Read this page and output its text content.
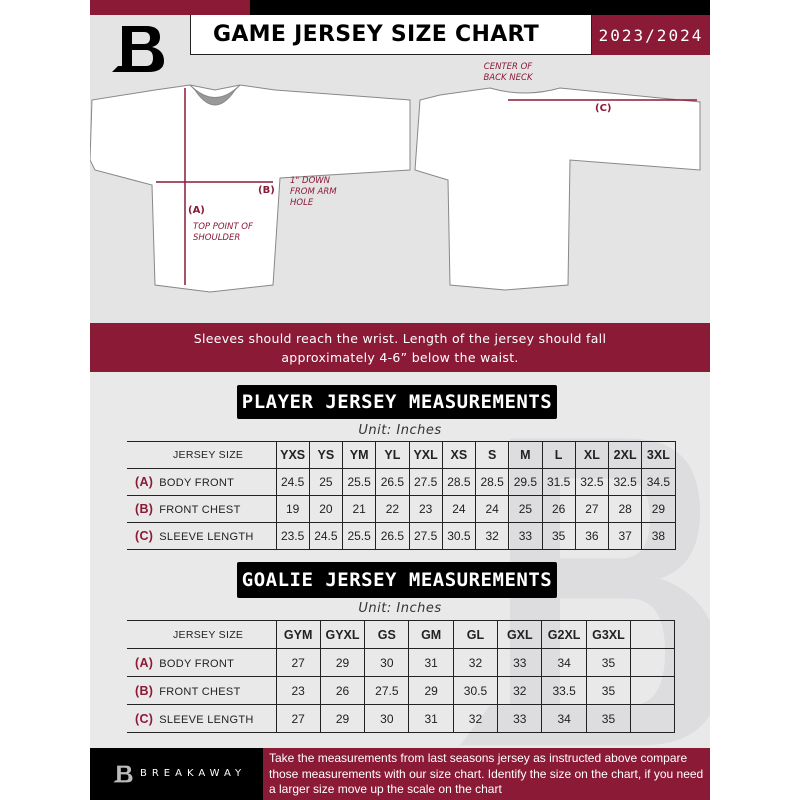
GAME JERSEY SIZE CHART	2023/2024
(B)
1" DOWN FROM ARM HOLE
(A)
TOP POINT OF SHOULDER
CENTER OF BACK NECK
(C)
Sleeves should reach the wrist. Length of the jersey should fall
approximately 4-6” below the waist.
PLAYER JERSEY MEASUREMENTS
Unit: Inches
JERSEY SIZE	YXS	YS	YM	YL	YXL	XS	S	M	L	XL	2XL	3XL
(A) BODY FRONT	24.5	25	25.5	26.5	27.5	28.5	28.5	29.5	31.5	32.5	32.5	34.5
(B) FRONT CHEST	19	20	21	22	23	24	24	25	26	27	28	29
(C) SLEEVE LENGTH	23.5	24.5	25.5	26.5	27.5	30.5	32	33	35	36	37	38
GOALIE JERSEY MEASUREMENTS
Unit: Inches
JERSEY SIZE	GYM	GYXL	GS	GM	GL	GXL	G2XL	G3XL	
(A) BODY FRONT	27	29	30	31	32	33	34	35	
(B) FRONT CHEST	23	26	27.5	29	30.5	32	33.5	35	
(C) SLEEVE LENGTH	27	29	30	31	32	33	34	35	
BREAKAWAY
Take the measurements from last seasons jersey as instructed above compare those measurements with our size chart. Identify the size on the chart, if you need a larger size move up the scale on the chart
